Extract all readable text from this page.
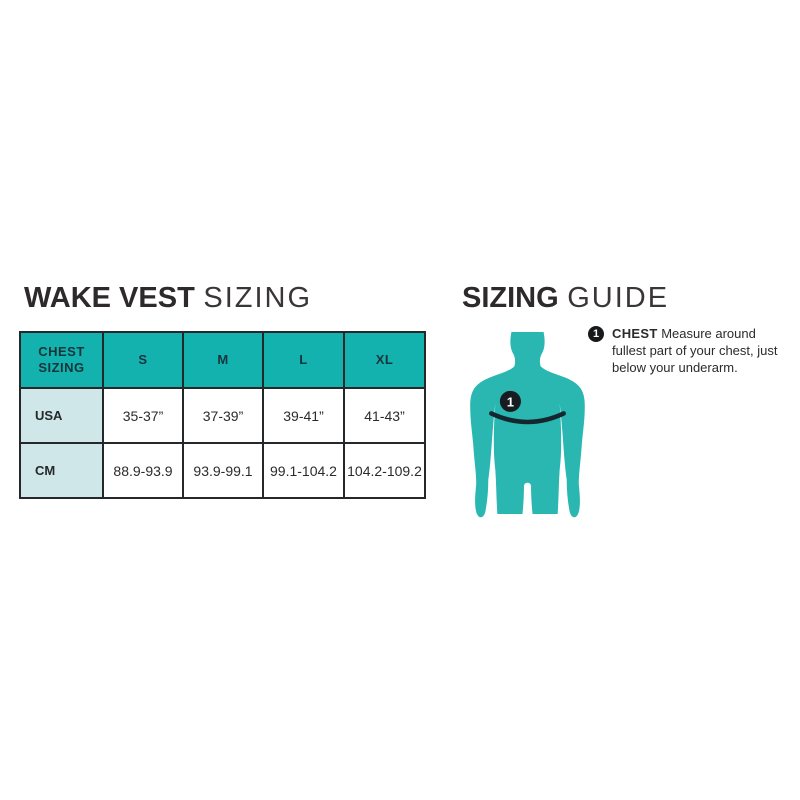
WAKE VEST SIZING
CHEST SIZING	S	M	L	XL
USA	35-37”	37-39”	39-41”	41-43”
CM	88.9-93.9	93.9-99.1	99.1-104.2	104.2-109.2
SIZING GUIDE
1
1 CHEST Measure around fullest part of your chest, just below your underarm.
